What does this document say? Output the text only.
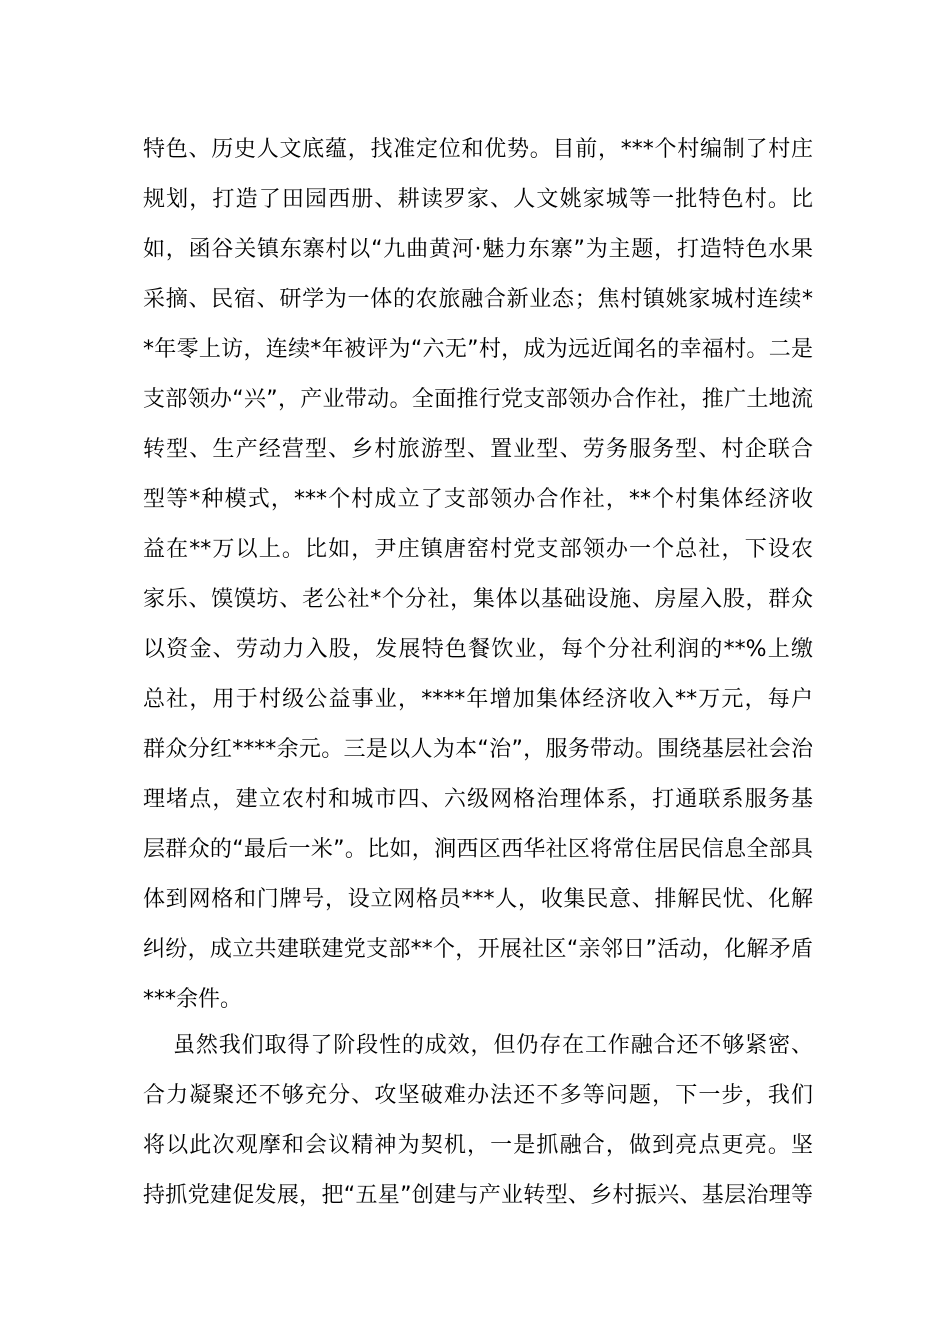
特色、历史人文底蕴，找准定位和优势。目前，***个村编制了村庄
规划，打造了田园西册、耕读罗家、人文姚家城等一批特色村。比
如，函谷关镇东寨村以“九曲黄河·魅力东寨”为主题，打造特色水果
采摘、民宿、研学为一体的农旅融合新业态；焦村镇姚家城村连续*
*年零上访，连续*年被评为“六无”村，成为远近闻名的幸福村。二是
支部领办“兴”，产业带动。全面推行党支部领办合作社，推广土地流
转型、生产经营型、乡村旅游型、置业型、劳务服务型、村企联合
型等*种模式，***个村成立了支部领办合作社，**个村集体经济收
益在**万以上。比如，尹庄镇唐窑村党支部领办一个总社，下设农
家乐、馍馍坊、老公社*个分社，集体以基础设施、房屋入股，群众
以资金、劳动力入股，发展特色餐饮业，每个分社利润的**%上缴
总社，用于村级公益事业，****年增加集体经济收入**万元，每户
群众分红****余元。三是以人为本“治”，服务带动。围绕基层社会治
理堵点，建立农村和城市四、六级网格治理体系，打通联系服务基
层群众的“最后一米”。比如，涧西区西华社区将常住居民信息全部具
体到网格和门牌号，设立网格员***人，收集民意、排解民忧、化解
纠纷，成立共建联建党支部**个，开展社区“亲邻日”活动，化解矛盾
***余件。
虽然我们取得了阶段性的成效，但仍存在工作融合还不够紧密、
合力凝聚还不够充分、攻坚破难办法还不多等问题，下一步，我们
将以此次观摩和会议精神为契机，一是抓融合，做到亮点更亮。坚
持抓党建促发展，把“五星”创建与产业转型、乡村振兴、基层治理等
